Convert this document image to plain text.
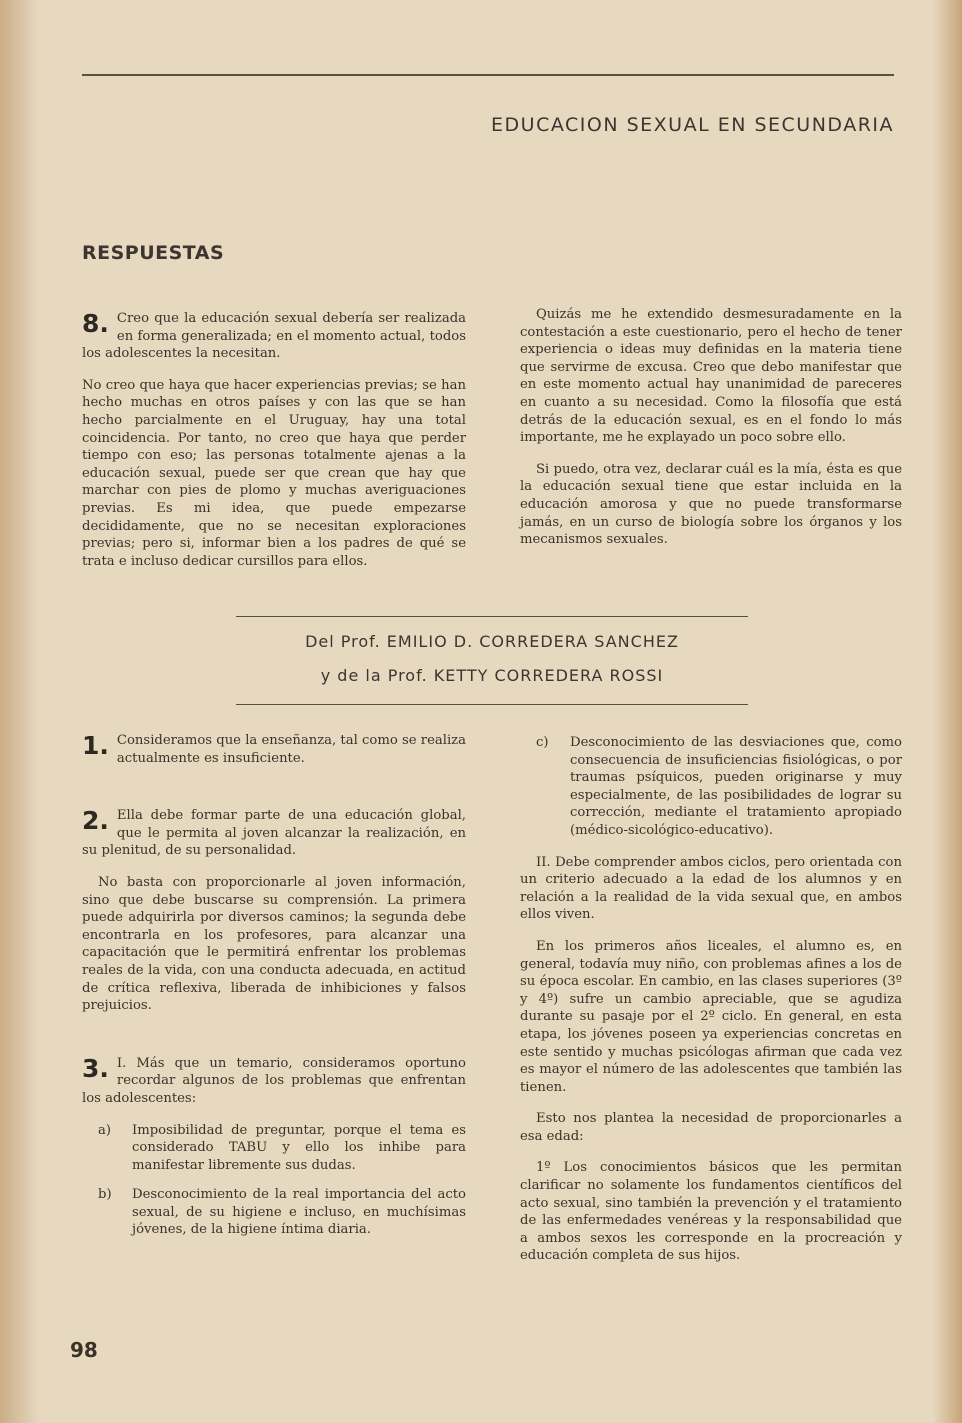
EDUCACION SEXUAL EN SECUNDARIA
RESPUESTAS

8. Creo que la educación sexual debería ser realizada en forma generalizada; en el momento actual, todos los adolescentes la necesitan.

No creo que haya que hacer experiencias previas; se han hecho muchas en otros países y con las que se han hecho parcialmente en el Uruguay, hay una total coincidencia. Por tanto, no creo que haya que perder tiempo con eso; las personas totalmente ajenas a la educación sexual, puede ser que crean que hay que marchar con pies de plomo y muchas averiguaciones previas. Es mi idea, que puede empezarse decididamente, que no se necesitan exploraciones previas; pero si, informar bien a los padres de qué se trata e incluso dedicar cursillos para ellos.

Quizás me he extendido desmesuradamente en la contestación a este cuestionario, pero el hecho de tener experiencia o ideas muy definidas en la materia tiene que servirme de excusa. Creo que debo manifestar que en este momento actual hay unanimidad de pareceres en cuanto a su necesidad. Como la filosofía que está detrás de la educación sexual, es en el fondo lo más importante, me he explayado un poco sobre ello.

Si puedo, otra vez, declarar cuál es la mía, ésta es que la educación sexual tiene que estar incluida en la educación amorosa y que no puede transformarse jamás, en un curso de biología sobre los órganos y los mecanismos sexuales.

Del Prof. EMILIO D. CORREDERA SANCHEZ
y de la Prof. KETTY CORREDERA ROSSI

1. Consideramos que la enseñanza, tal como se realiza actualmente es insuficiente.

2. Ella debe formar parte de una educación global, que le permita al joven alcanzar la realización, en su plenitud, de su personalidad.

No basta con proporcionarle al joven información, sino que debe buscarse su comprensión. La primera puede adquirirla por diversos caminos; la segunda debe encontrarla en los profesores, para alcanzar una capacitación que le permitirá enfrentar los problemas reales de la vida, con una conducta adecuada, en actitud de crítica reflexiva, liberada de inhibiciones y falsos prejuicios.

3. I. Más que un temario, consideramos oportuno recordar algunos de los problemas que enfrentan los adolescentes:

a)	Imposibilidad de preguntar, porque el tema es considerado TABU y ello los inhibe para manifestar libremente sus dudas.
b)	Desconocimiento de la real importancia del acto sexual, de su higiene e incluso, en muchísimas jóvenes, de la higiene íntima diaria.
c)	Desconocimiento de las desviaciones que, como consecuencia de insuficiencias fisiológicas, o por traumas psíquicos, pueden originarse y muy especialmente, de las posibilidades de lograr su corrección, mediante el tratamiento apropiado (médico-sicológico-educativo).

II. Debe comprender ambos ciclos, pero orientada con un criterio adecuado a la edad de los alumnos y en relación a la realidad de la vida sexual que, en ambos ellos viven.

En los primeros años liceales, el alumno es, en general, todavía muy niño, con problemas afines a los de su época escolar. En cambio, en las clases superiores (3º y 4º) sufre un cambio apreciable, que se agudiza durante su pasaje por el 2º ciclo. En general, en esta etapa, los jóvenes poseen ya experiencias concretas en este sentido y muchas psicólogas afirman que cada vez es mayor el número de las adolescentes que también las tienen.

Esto nos plantea la necesidad de proporcionarles a esa edad:

1º Los conocimientos básicos que les permitan clarificar no solamente los fundamentos científicos del acto sexual, sino también la prevención y el tratamiento de las enfermedades venéreas y la responsabilidad que a ambos sexos les corresponde en la procreación y educación completa de sus hijos.

98
